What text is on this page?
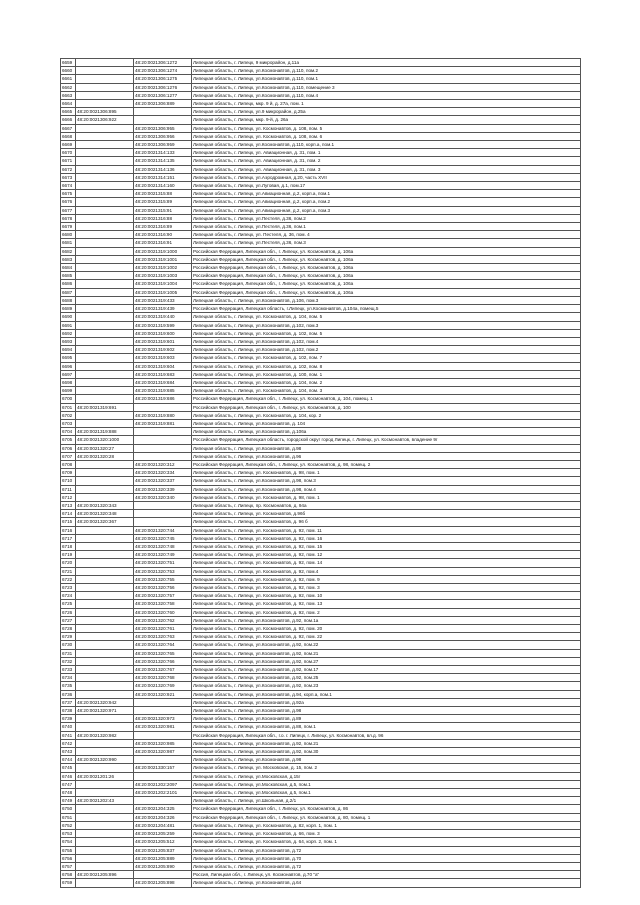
6659		48:20:0021306:1272	Липецкая область, г. Липецк, 9 микрорайон, д.11а
6660		48:20:0021306:1274	Липецкая область, г. Липецк, ул.Космонавтов, д.110, пом.2
6661		48:20:0021306:1275	Липецкая область, г. Липецк, ул.Космонавтов, д.110, пом.1
6662		48:20:0021306:1276	Липецкая область, г. Липецк, ул.Космонавтов, д.110, помещение 3
6663		48:20:0021306:1277	Липецкая область, г. Липецк, ул.Космонавтов, д.110, пом.4
6664		48:20:0021306:889	Липецкая область, г. Липецк, мкр. 9 й, д. 27а, пом. 1
6665	48:20:0021306:895		Липецкая область, г. Липецк, ул.9 микрорайон, д.25а
6666	48:20:0021306:922		Липецкая область, г. Липецк, мкр. 9-й, д. 26а
6667		48:20:0021306:955	Липецкая область, г. Липецк, ул. Космонавтов, д. 108, пом. 5
6668		48:20:0021306:956	Липецкая область, г. Липецк, ул. Космонавтов, д. 108, пом. 6
6669		48:20:0021306:959	Липецкая область, г. Липецк, ул.Космонавтов, д.110, корп.а, пом.1
6670		48:20:0021314:133	Липецкая область, г. Липецк, ул. Авиационная, д. 31, пом. 1
6671		48:20:0021314:135	Липецкая область, г. Липецк, ул. Авиационная, д. 31, пом. 2
6672		48:20:0021314:136	Липецкая область, г. Липецк, ул. Авиационная, д. 31, пом. 3
6673		48:20:0021314:151	Липецкая область, г. Липецк, ул.Аэродромная, д.20, часть XVII
6674		48:20:0021314:160	Липецкая область, г. Липецк, ул.Луговая, д.1, пом.17
6675		48:20:0021315:88	Липецкая область, г. Липецк, ул.Авиационная, д.2, корп.а, пом.1
6676		48:20:0021315:89	Липецкая область, г. Липецк, ул.Авиационная, д.2, корп.а, пом.2
6677		48:20:0021315:91	Липецкая область, г. Липецк, ул.Авиационная, д.2, корп.а, пом.3
6678		48:20:0021316:88	Липецкая область, г. Липецк, ул.Пестеля, д.36, пом.2
6679		48:20:0021316:89	Липецкая область, г. Липецк, ул.Пестеля, д.36, пом.1
6680		48:20:0021316:90	Липецкая область, г. Липецк, ул. Пестеля, д. 36, пом. 4
6681		48:20:0021316:91	Липецкая область, г. Липецк, ул.Пестеля, д.36, пом.3
6682		48:20:0021319:1000	Российская Федерация, Липецкая обл., г. Липецк, ул. Космонавтов, д. 106а
6683		48:20:0021319:1001	Российская Федерация, Липецкая обл., г. Липецк, ул. Космонавтов, д. 106а
6684		48:20:0021319:1002	Российская Федерация, Липецкая обл., г. Липецк, ул. Космонавтов, д. 106а
6685		48:20:0021319:1003	Российская Федерация, Липецкая обл., г. Липецк, ул. Космонавтов, д. 106а
6686		48:20:0021319:1004	Российская Федерация, Липецкая обл., г. Липецк, ул. Космонавтов, д. 106а
6687		48:20:0021319:1005	Российская Федерация, Липецкая обл., г. Липецк, ул. Космонавтов, д. 106а
6688		48:20:0021319:433	Липецкая область, г. Липецк, ул.Космонавтов, д.106, пом.3
6689		48:20:0021319:439	Российская Федерация, Липецкая область, г.Липецк, ул.Космонавтов, д.104а, помещ.5
6690		48:20:0021319:440	Липецкая область, г. Липецк, ул. Космонавтов, д. 104, пом. 5
6691		48:20:0021319:599	Липецкая область, г. Липецк, ул.Космонавтов, д.102, пом.3
6692		48:20:0021319:600	Липецкая область, г. Липецк, ул. Космонавтов, д. 102, пом. 5
6693		48:20:0021319:601	Липецкая область, г. Липецк, ул.Космонавтов, д.102, пом.4
6694		48:20:0021319:602	Липецкая область, г. Липецк, ул.Космонавтов, д.102, пом.2
6695		48:20:0021319:603	Липецкая область, г. Липецк, ул. Космонавтов, д. 102, пом. 7
6696		48:20:0021319:604	Липецкая область, г. Липецк, ул. Космонавтов, д. 102, пом. 8
6697		48:20:0021319:683	Липецкая область, г. Липецк, ул. Космонавтов, д. 100, пом. 1
6698		48:20:0021319:684	Липецкая область, г. Липецк, ул. Космонавтов, д. 104, пом. 2
6699		48:20:0021319:685	Липецкая область, г. Липецк, ул. Космонавтов, д. 104, пом. 3
6700		48:20:0021319:686	Российская Федерация, Липецкая обл., г. Липецк, ул. Космонавтов, д. 104, помещ. 1
6701	48:20:0021319:691		Российская Федерация, Липецкая обл., г. Липецк, ул. Космонавтов, д. 100
6702		48:20:0021319:880	Липецкая область, г. Липецк, ул. Космонавтов, д. 104, кор. 2
6703		48:20:0021319:881	Липецкая область, г. Липецк, ул.Космонавтов, д. 104
6704	48:20:0021319:888		Липецкая область, г. Липецк, ул.Космонавтов, д.106а
6705	48:20:0021320:1000		Российская Федерация, Липецкая область, городской округ город Липецк, г. Липецк, ул. Космонавтов, владение 9г
6706	48:20:0021320:27		Липецкая область, г. Липецк, ул.Космонавтов, д.98
6707	48:20:0021320:28		Липецкая область, г. Липецк, ул.Космонавтов, д.96
6708		48:20:0021320:312	Российская Федерация, Липецкая обл., г. Липецк, ул. Космонавтов, д. 98, помещ. 2
6709		48:20:0021320:334	Липецкая область, г. Липецк, ул. Космонавтов, д. 98, пом. 1
6710		48:20:0021320:337	Липецкая область, г. Липецк, ул.Космонавтов, д.98, пом.3
6711		48:20:0021320:339	Липецкая область, г. Липецк, ул.Космонавтов, д.98, пом.4
6712		48:20:0021320:340	Липецкая область, г. Липецк, ул. Космонавтов, д. 98, пом. 1
6713	48:20:0021320:343		Липецкая область, г. Липецк, пр. Космонавтов, д. 94а
6714	48:20:0021320:348		Липецкая область, г. Липецк, ул. Космонавтов, д.96б
6715	48:20:0021320:367		Липецкая область, г. Липецк, ул. Космонавтов, д. 96 б
6716		48:20:0021320:744	Липецкая область, г. Липецк, ул. Космонавтов, д. 92, пом. 11
6717		48:20:0021320:745	Липецкая область, г. Липецк, ул. Космонавтов, д. 92, пом. 16
6718		48:20:0021320:748	Липецкая область, г. Липецк, ул. Космонавтов, д. 92, пом. 15
6719		48:20:0021320:749	Липецкая область, г. Липецк, ул. Космонавтов, д. 92, пом. 12
6720		48:20:0021320:751	Липецкая область, г. Липецк, ул. Космонавтов, д. 92, пом. 14
6721		48:20:0021320:753	Липецкая область, г. Липецк, ул. Космонавтов, д. 92, пом.4
6722		48:20:0021320:755	Липецкая область, г. Липецк, ул. Космонавтов, д. 92, пом. 9
6723		48:20:0021320:756	Липецкая область, г. Липецк, ул. Космонавтов, д. 92, пом. 3
6724		48:20:0021320:757	Липецкая область, г. Липецк, ул. Космонавтов, д. 92, пом. 10
6725		48:20:0021320:758	Липецкая область, г. Липецк, ул. Космонавтов, д. 92, пом. 13
6726		48:20:0021320:760	Липецкая область, г. Липецк, ул. Космонавтов, д. 92, пом. 2
6727		48:20:0021320:762	Липецкая область, г. Липецк, ул.Космонавтов, д.92, пом.1а
6728		48:20:0021320:761	Липецкая область, г. Липецк, ул. Космонавтов, д. 92, пом. 20
6729		48:20:0021320:763	Липецкая область, г. Липецк, ул. Космонавтов, д. 92, пом. 22
6730		48:20:0021320:764	Липецкая область, г. Липецк, ул.Космонавтов, д.92, пом.22
6731		48:20:0021320:765	Липецкая область, г. Липецк, ул.Космонавтов, д.92, пом.21
6732		48:20:0021320:766	Липецкая область, г. Липецк, ул.Космонавтов, д.92, пом.27
6733		48:20:0021320:767	Липецкая область, г. Липецк, ул.Космонавтов, д.92, пом.17
6734		48:20:0021320:768	Липецкая область, г. Липецк, ул.Космонавтов, д.92, пом.25
6735		48:20:0021320:769	Липецкая область, г. Липецк, ул.Космонавтов, д.92, пом.23
6736		48:20:0021320:921	Липецкая область, г. Липецк, ул.Космонавтов, д.94, корп.а, пом.1
6737	48:20:0021320:942		Липецкая область, г. Липецк, ул.Космонавтов, д.92а
6738	48:20:0021320:971		Липецкая область, г. Липецк, ул.Космонавтов, д.98
6739		48:20:0021320:973	Липецкая область, г. Липецк, ул.Космонавтов, д.89
6740		48:20:0021320:981	Липецкая область, г. Липецк, ул.Космонавтов, д.88, пом.1
6741	48:20:0021320:982		Российская Федерация, Липецкая обл., г.о. г. Липецк, г. Липецк, ул. Космонавтов, вл.д. 96
6742		48:20:0021320:985	Липецкая область, г. Липецк, ул.Космонавтов, д.92, пом.21
6743		48:20:0021320:987	Липецкая область, г. Липецк, ул.Космонавтов, д.92, пом.30
6744	48:20:0021320:990		Липецкая область, г. Липецк, ул.Космонавтов, д.98
6745		48:20:0021330:157	Липецкая область, г. Липецк, ул. Московская, д. 15, пом. 2
6746	48:20:0021201:26		Липецкая область, г. Липецк, ул.Московская, д.15г
6747		48:20:0021202:2097	Липецкая область, г. Липецк, ул.Московская, д.5, пом.1
6748		48:20:0021202:2101	Липецкая область, г. Липецк, ул.Московская, д.5, пом.1
6749	48:20:0021202:43		Липецкая область, г. Липецк, ул.Школьная, д.2/1
6750		48:20:0021204:325	Российская Федерация, Липецкая обл., г. Липецк, ул. Космонавтов, д. 86
6751		48:20:0021204:326	Российская Федерация, Липецкая обл., г. Липецк, ул. Космонавтов, д. 80, помещ. 1
6752		48:20:0021204:481	Липецкая область, г. Липецк, ул. Космонавтов, д. 82, корп. 1, пом. 1
6753		48:20:0021205:259	Липецкая область, г. Липецк, ул. Космонавтов, д. 66, пом. 3
6754		48:20:0021205:512	Липецкая область, г. Липецк, ул. Космонавтов, д. 64, корп. 2, пом. 1
6755		48:20:0021205:837	Липецкая область, г. Липецк, ул.Космонавтов, д.72
6756		48:20:0021205:889	Липецкая область, г. Липецк, ул.Космонавтов, д.70
6757		48:20:0021205:890	Липецкая область, г. Липецк, ул.Космонавтов, д.72
6758	48:20:0021205:896		Россия, Липецкая обл., г. Липецк, ул. Космонавтов, д.70 "а"
6759		48:20:0021205:898	Липецкая область, г. Липецк, ул.Космонавтов, д.64
